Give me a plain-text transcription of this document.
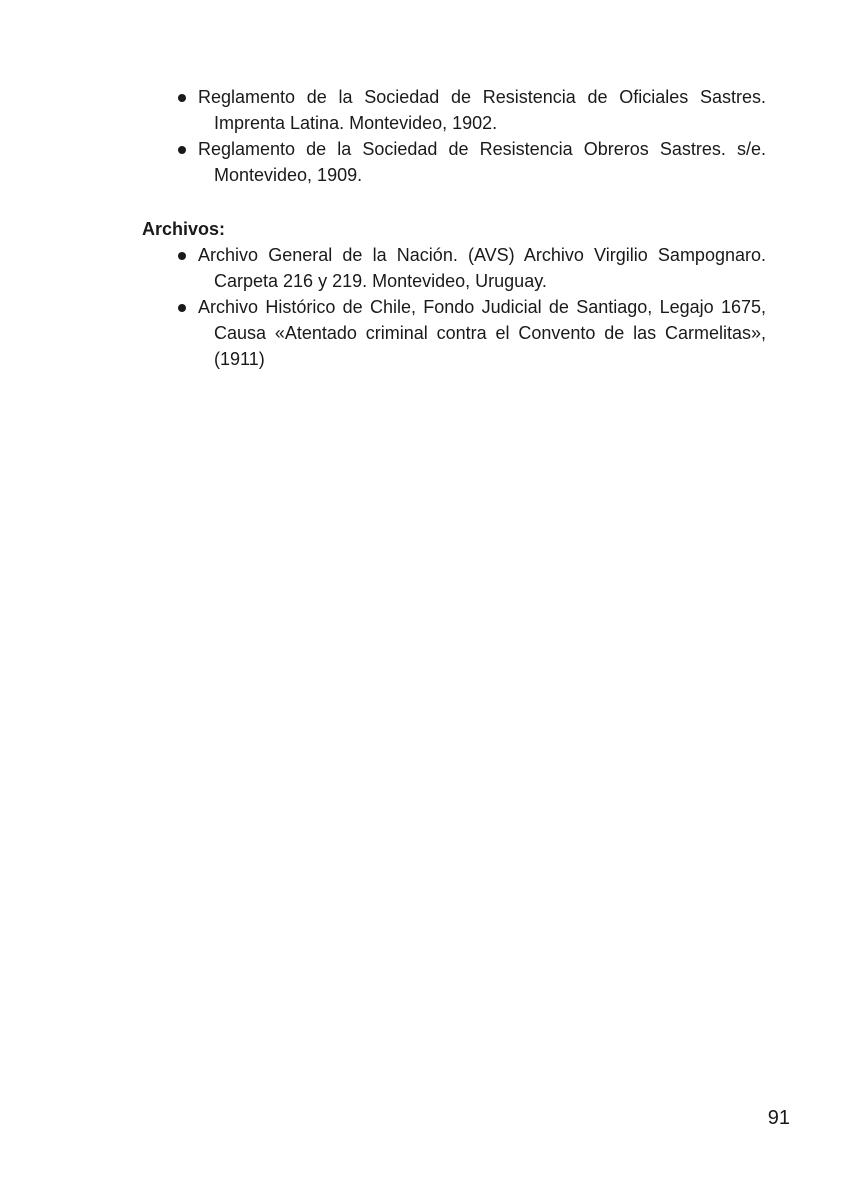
Reglamento de la Sociedad de Resistencia de Oficiales Sastres. Imprenta Latina. Montevideo, 1902.
Reglamento de la Sociedad de Resistencia Obreros Sastres. s/e. Montevideo, 1909.
Archivos:
Archivo General de la Nación. (AVS) Archivo Virgilio Sampognaro. Carpeta 216 y 219. Montevideo, Uruguay.
Archivo Histórico de Chile, Fondo Judicial de Santiago, Legajo 1675, Causa «Atentado criminal contra el Convento de las Carmelitas», (1911)
91
